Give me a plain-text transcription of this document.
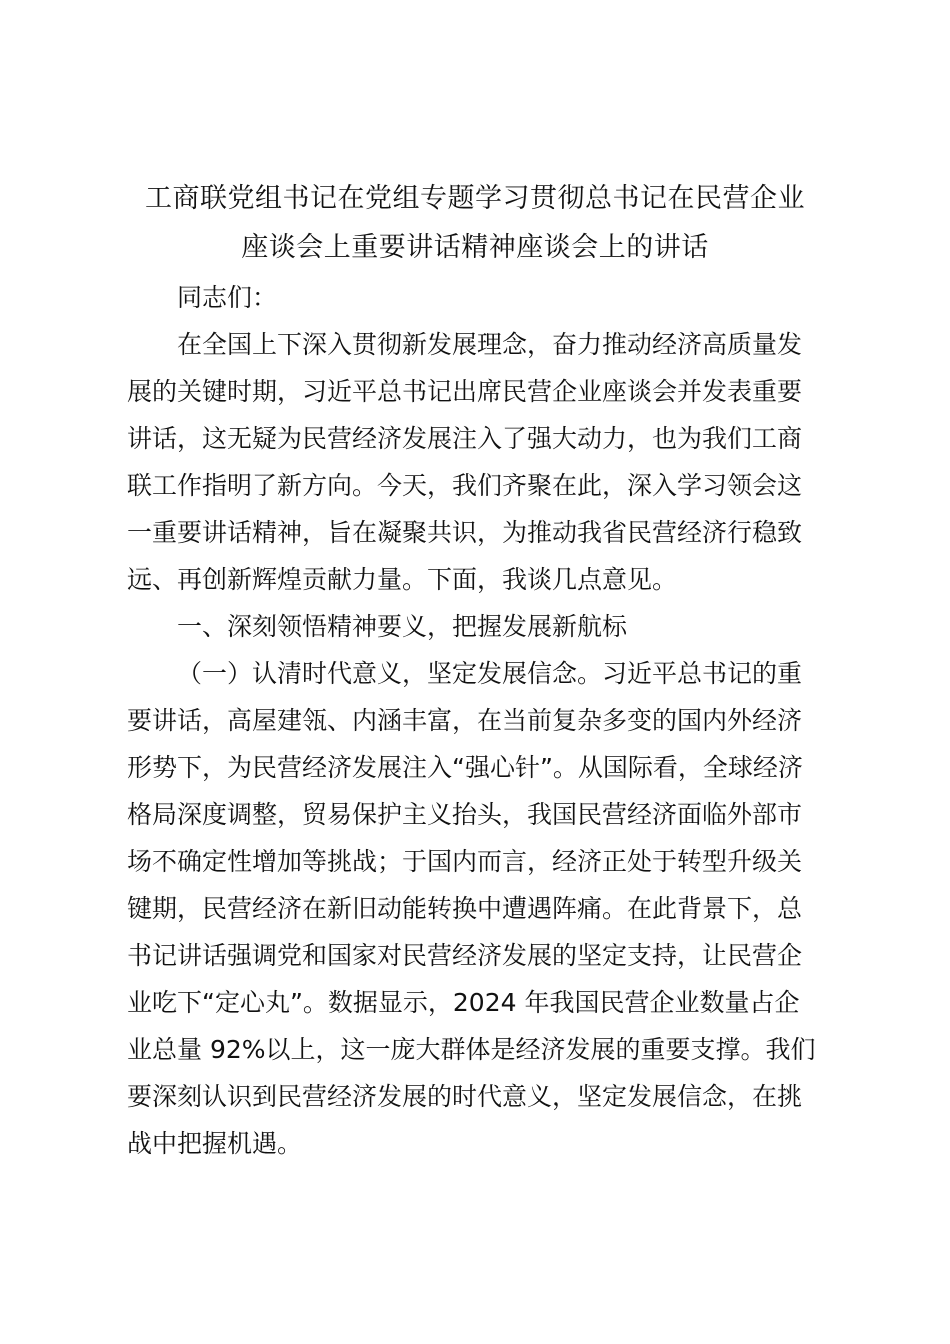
工商联党组书记在党组专题学习贯彻总书记在民营企业
座谈会上重要讲话精神座谈会上的讲话
同志们：
在全国上下深入贯彻新发展理念，奋力推动经济高质量发
展的关键时期，习近平总书记出席民营企业座谈会并发表重要
讲话，这无疑为民营经济发展注入了强大动力，也为我们工商
联工作指明了新方向。今天，我们齐聚在此，深入学习领会这
一重要讲话精神，旨在凝聚共识，为推动我省民营经济行稳致
远、再创新辉煌贡献力量。下面，我谈几点意见。
一、深刻领悟精神要义，把握发展新航标
（一）认清时代意义，坚定发展信念。习近平总书记的重
要讲话，高屋建瓴、内涵丰富，在当前复杂多变的国内外经济
形势下，为民营经济发展注入“强心针”。从国际看，全球经济
格局深度调整，贸易保护主义抬头，我国民营经济面临外部市
场不确定性增加等挑战；于国内而言，经济正处于转型升级关
键期，民营经济在新旧动能转换中遭遇阵痛。在此背景下，总
书记讲话强调党和国家对民营经济发展的坚定支持，让民营企
业吃下“定心丸”。数据显示，2024 年我国民营企业数量占企
业总量 92%以上，这一庞大群体是经济发展的重要支撑。我们
要深刻认识到民营经济发展的时代意义，坚定发展信念，在挑
战中把握机遇。
